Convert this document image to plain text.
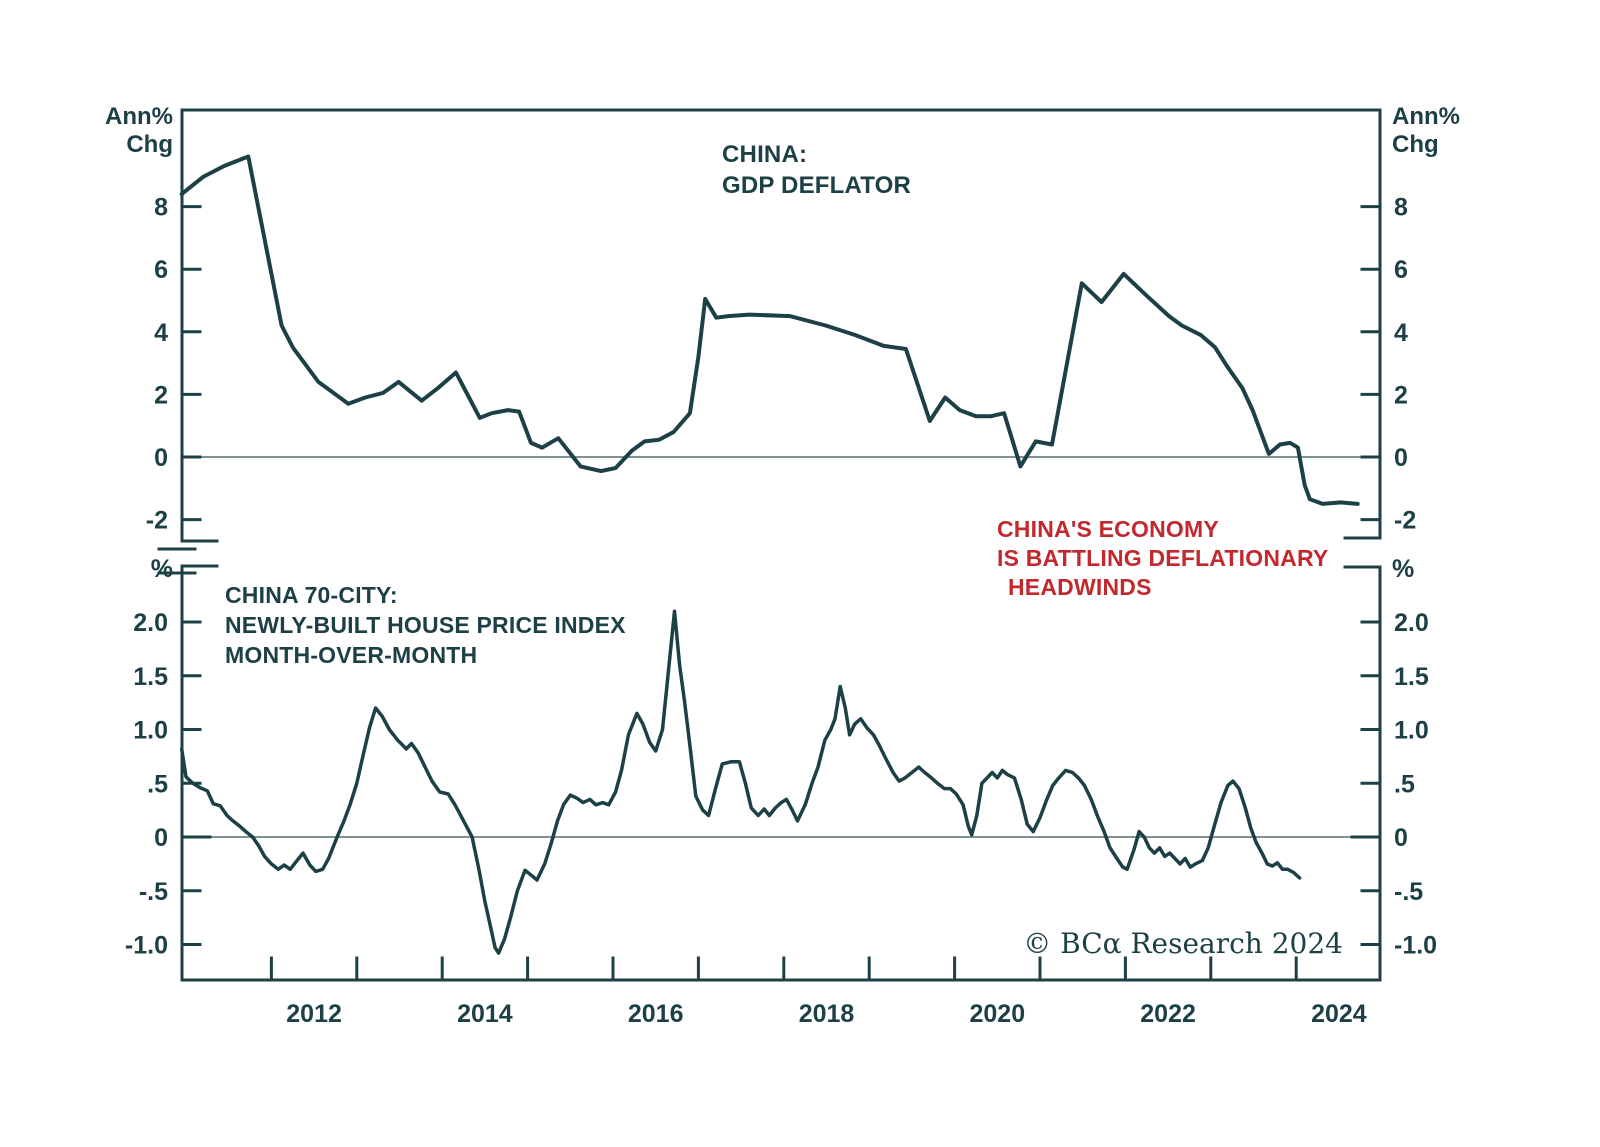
8	8
6	6
4	4
2	2
0	0
-2	-2
2.0	2.0
1.5	1.5
1.0	1.0
.5	.5
0	0
-.5	-.5
-1.0	-1.0
2012	2014	2016	2018	2020	2022	2024
Ann%
Chg
Ann%
Chg
%	%
CHINA:
GDP DEFLATOR
CHINA 70-CITY:
NEWLY-BUILT HOUSE PRICE INDEX
MONTH-OVER-MONTH
CHINA'S ECONOMY
IS BATTLING DEFLATIONARY
HEADWINDS
© BCα Research 2024
